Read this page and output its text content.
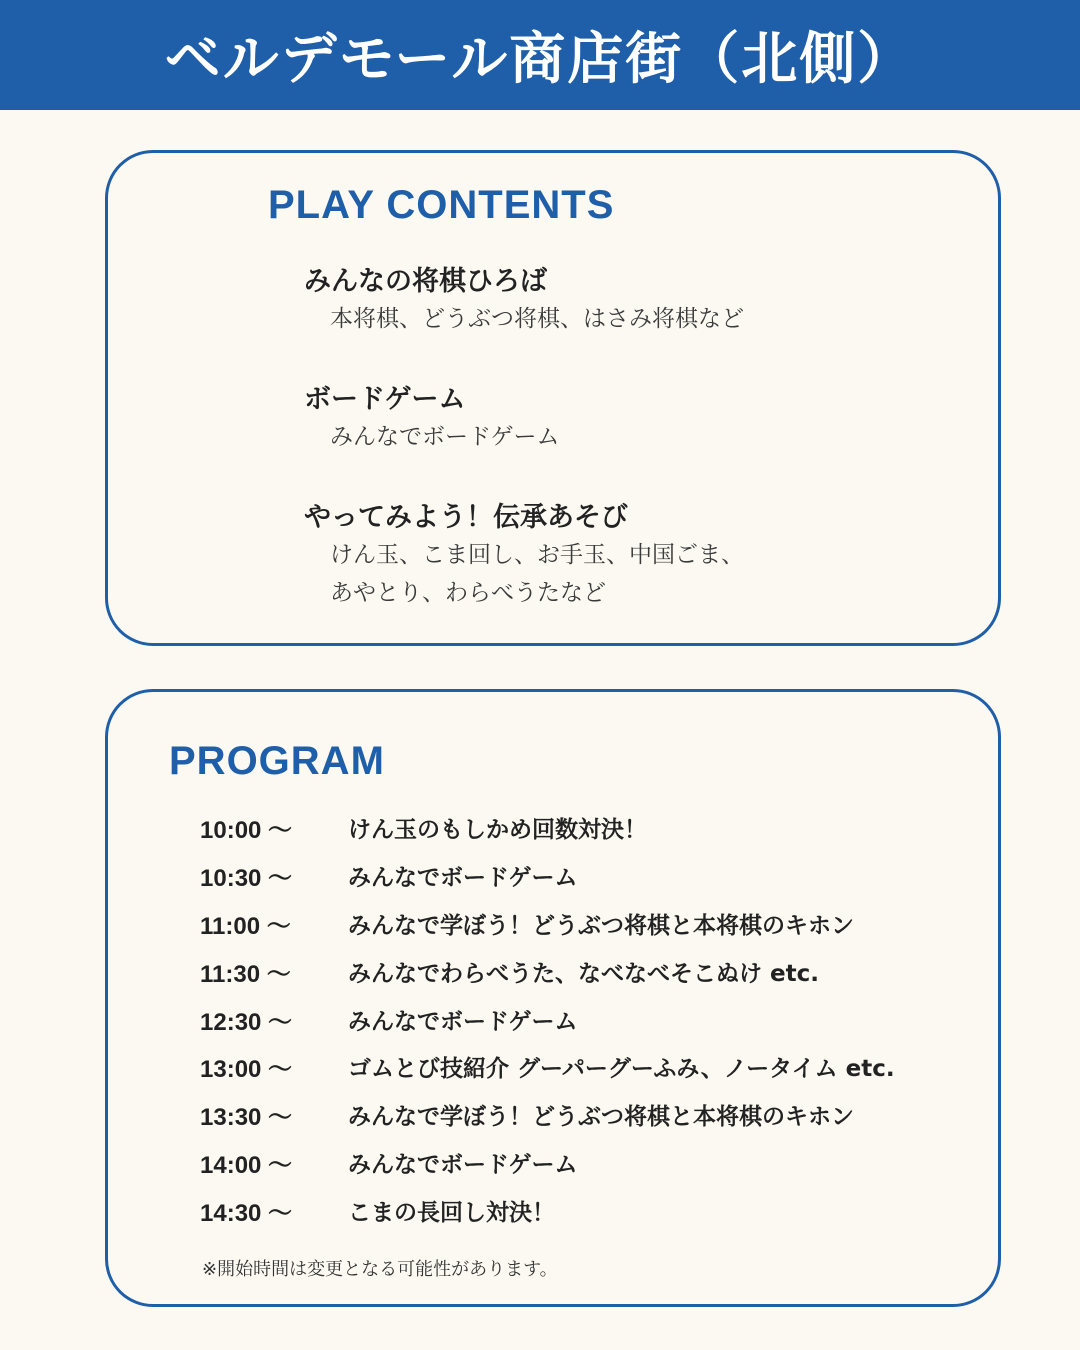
ベルデモール商店街（北側）
PLAY CONTENTS
みんなの将棋ひろば
本将棋、どうぶつ将棋、はさみ将棋など
ボードゲーム
みんなでボードゲーム
やってみよう！伝承あそび
けん玉、こま回し、お手玉、中国ごま、
あやとり、わらべうたなど
PROGRAM
10:00 〜	けん玉のもしかめ回数対決！
10:30 〜	みんなでボードゲーム
11:00 〜	みんなで学ぼう！どうぶつ将棋と本将棋のキホン
11:30 〜	みんなでわらべうた、なべなべそこぬけ etc.
12:30 〜	みんなでボードゲーム
13:00 〜	ゴムとび技紹介 グーパーグーふみ、ノータイム etc.
13:30 〜	みんなで学ぼう！どうぶつ将棋と本将棋のキホン
14:00 〜	みんなでボードゲーム
14:30 〜	こまの長回し対決！
※開始時間は変更となる可能性があります。
